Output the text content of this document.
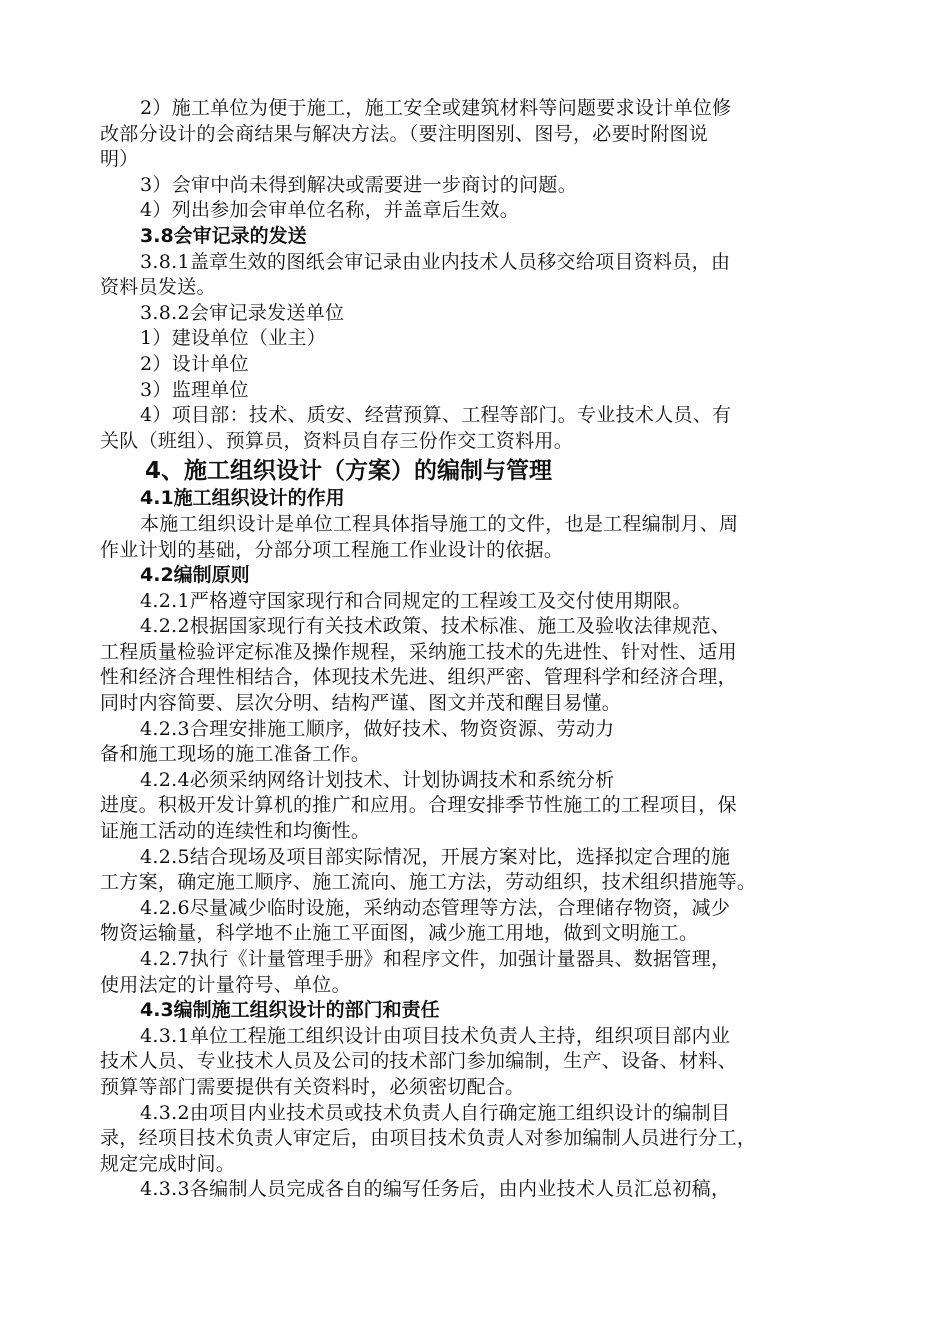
2）施工单位为便于施工，施工安全或建筑材料等问题要求设计单位修

改部分设计的会商结果与解决方法。（要注明图别、图号，必要时附图说

明）

3）会审中尚未得到解决或需要进一步商讨的问题。

4）列出参加会审单位名称，并盖章后生效。

3.8会审记录的发送

3.8.1盖章生效的图纸会审记录由业内技术人员移交给项目资料员，由

资料员发送。

3.8.2会审记录发送单位

1）建设单位（业主）

2）设计单位

3）监理单位

4）项目部：技术、质安、经营预算、工程等部门。专业技术人员、有

关队（班组）、预算员，资料员自存三份作交工资料用。

4、施工组织设计（方案）的编制与管理

4.1施工组织设计的作用

本施工组织设计是单位工程具体指导施工的文件，也是工程编制月、周

作业计划的基础，分部分项工程施工作业设计的依据。

4.2编制原则

4.2.1严格遵守国家现行和合同规定的工程竣工及交付使用期限。

4.2.2根据国家现行有关技术政策、技术标准、施工及验收法律规范、

工程质量检验评定标准及操作规程，采纳施工技术的先进性、针对性、适用

性和经济合理性相结合，体现技术先进、组织严密、管理科学和经济合理，

同时内容简要、层次分明、结构严谨、图文并茂和醒目易懂。

4.2.3合理安排施工顺序，做好技术、物资资源、劳动力

备和施工现场的施工准备工作。

4.2.4必须采纳网络计划技术、计划协调技术和系统分析

进度。积极开发计算机的推广和应用。合理安排季节性施工的工程项目，保

证施工活动的连续性和均衡性。

4.2.5结合现场及项目部实际情况，开展方案对比，选择拟定合理的施

工方案，确定施工顺序、施工流向、施工方法，劳动组织，技术组织措施等。

4.2.6尽量减少临时设施，采纳动态管理等方法，合理储存物资，减少

物资运输量，科学地不止施工平面图，减少施工用地，做到文明施工。

4.2.7执行《计量管理手册》和程序文件，加强计量器具、数据管理，

使用法定的计量符号、单位。

4.3编制施工组织设计的部门和责任

4.3.1单位工程施工组织设计由项目技术负责人主持，组织项目部内业

技术人员、专业技术人员及公司的技术部门参加编制，生产、设备、材料、

预算等部门需要提供有关资料时，必须密切配合。

4.3.2由项目内业技术员或技术负责人自行确定施工组织设计的编制目

录，经项目技术负责人审定后，由项目技术负责人对参加编制人员进行分工，

规定完成时间。

4.3.3各编制人员完成各自的编写任务后，由内业技术人员汇总初稿，
